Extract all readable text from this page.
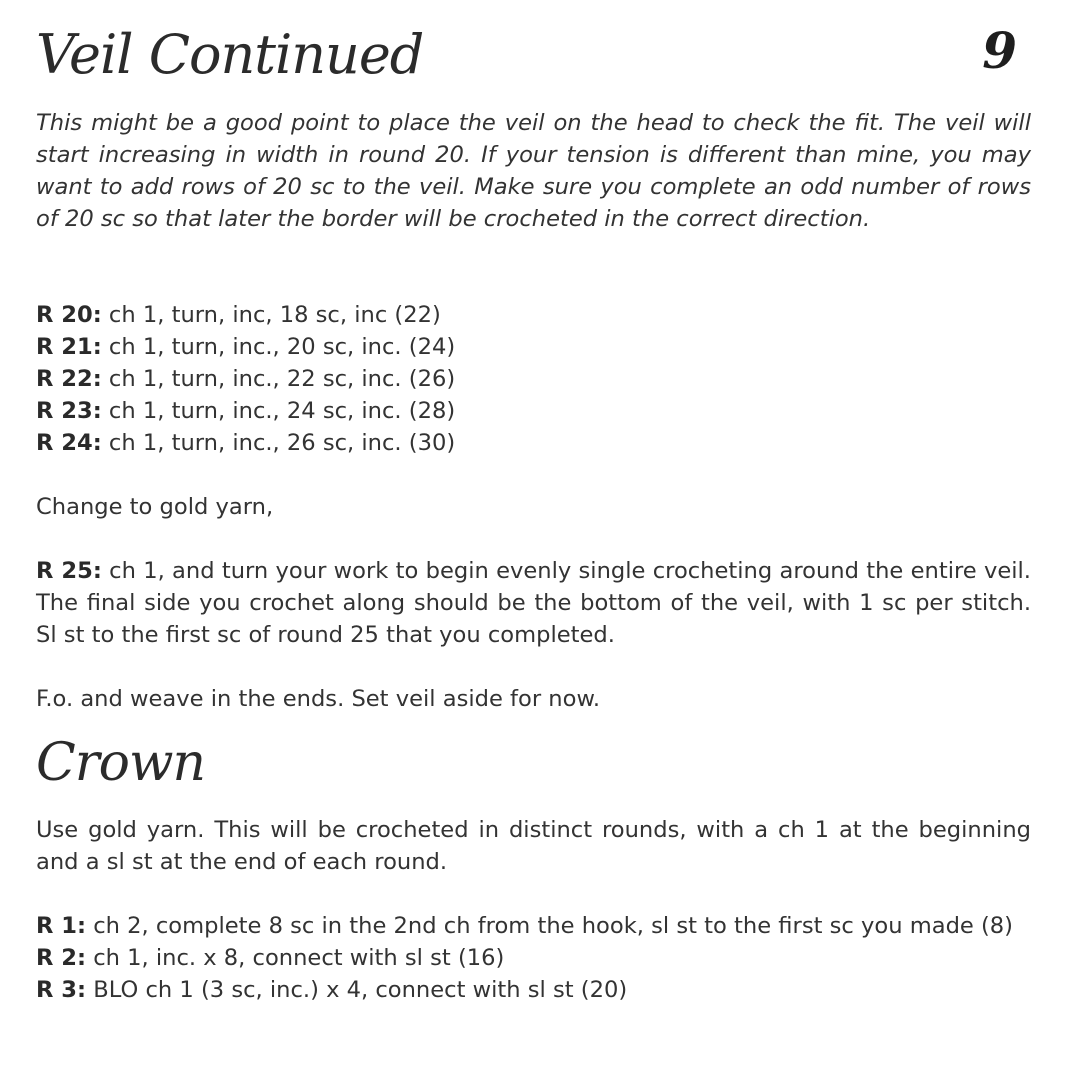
Veil Continued	9

This might be a good point to place the veil on the head to check the fit. The veil will start increasing in width in round 20. If your tension is different than mine, you may want to add rows of 20 sc to the veil. Make sure you complete an odd number of rows of 20 sc so that later the border will be crocheted in the correct direction.

R 20: ch 1, turn, inc, 18 sc, inc (22)
R 21: ch 1, turn, inc., 20 sc, inc. (24)
R 22: ch 1, turn, inc., 22 sc, inc. (26)
R 23: ch 1, turn, inc., 24 sc, inc. (28)
R 24: ch 1, turn, inc., 26 sc, inc. (30)

Change to gold yarn,

R 25: ch 1, and turn your work to begin evenly single crocheting around the entire veil. The final side you crochet along should be the bottom of the veil, with 1 sc per stitch. Sl st to the first sc of round 25 that you completed.

F.o. and weave in the ends. Set veil aside for now.

Crown

Use gold yarn. This will be crocheted in distinct rounds, with a ch 1 at the beginning and a sl st at the end of each round.

R 1: ch 2, complete 8 sc in the 2nd ch from the hook, sl st to the first sc you made (8)
R 2: ch 1, inc. x 8, connect with sl st (16)
R 3: BLO ch 1 (3 sc, inc.) x 4, connect with sl st (20)
